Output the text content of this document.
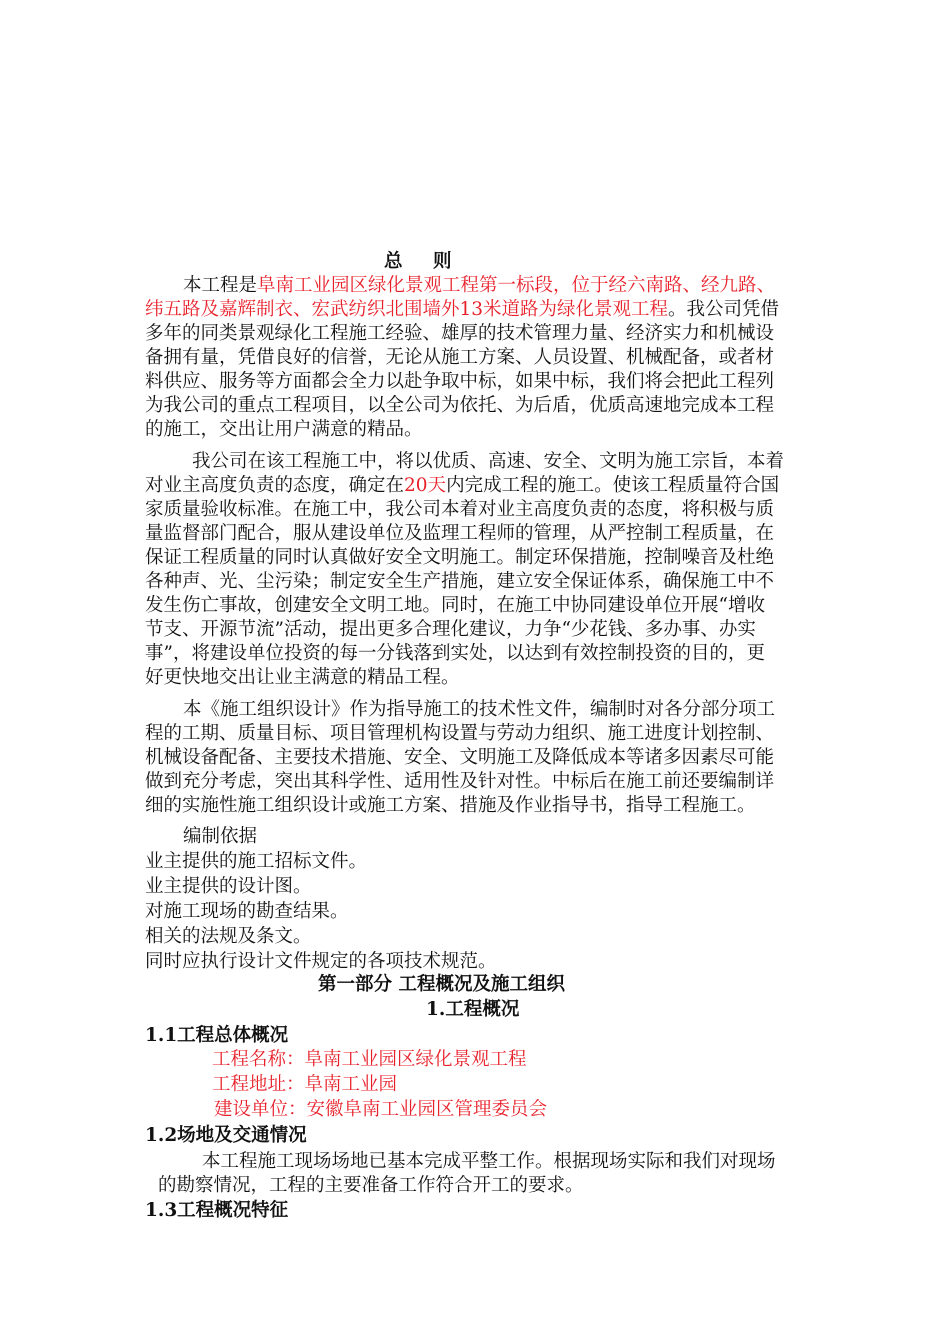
总　则
本工程是阜南工业园区绿化景观工程第一标段，位于经六南路、经九路、
纬五路及嘉辉制衣、宏武纺织北围墙外13米道路为绿化景观工程。我公司凭借
多年的同类景观绿化工程施工经验、雄厚的技术管理力量、经济实力和机械设
备拥有量，凭借良好的信誉，无论从施工方案、人员设置、机械配备，或者材
料供应、服务等方面都会全力以赴争取中标，如果中标，我们将会把此工程列
为我公司的重点工程项目，以全公司为依托、为后盾，优质高速地完成本工程
的施工，交出让用户满意的精品。
我公司在该工程施工中，将以优质、高速、安全、文明为施工宗旨，本着
对业主高度负责的态度，确定在20天内完成工程的施工。使该工程质量符合国
家质量验收标准。在施工中，我公司本着对业主高度负责的态度，将积极与质
量监督部门配合，服从建设单位及监理工程师的管理，从严控制工程质量，在
保证工程质量的同时认真做好安全文明施工。制定环保措施，控制噪音及杜绝
各种声、光、尘污染；制定安全生产措施，建立安全保证体系，确保施工中不
发生伤亡事故，创建安全文明工地。同时，在施工中协同建设单位开展“增收
节支、开源节流”活动，提出更多合理化建议，力争“少花钱、多办事、办实
事”，将建设单位投资的每一分钱落到实处，以达到有效控制投资的目的，更
好更快地交出让业主满意的精品工程。
本《施工组织设计》作为指导施工的技术性文件，编制时对各分部分项工
程的工期、质量目标、项目管理机构设置与劳动力组织、施工进度计划控制、
机械设备配备、主要技术措施、安全、文明施工及降低成本等诸多因素尽可能
做到充分考虑，突出其科学性、适用性及针对性。中标后在施工前还要编制详
细的实施性施工组织设计或施工方案、措施及作业指导书，指导工程施工。
编制依据
业主提供的施工招标文件。
业主提供的设计图。
对施工现场的勘查结果。
相关的法规及条文。
同时应执行设计文件规定的各项技术规范。
第一部分 工程概况及施工组织
1.工程概况
1.1工程总体概况
工程名称：阜南工业园区绿化景观工程
工程地址：阜南工业园
建设单位：安徽阜南工业园区管理委员会
1.2场地及交通情况
本工程施工现场场地已基本完成平整工作。根据现场实际和我们对现场
的勘察情况，工程的主要准备工作符合开工的要求。
1.3工程概况特征
